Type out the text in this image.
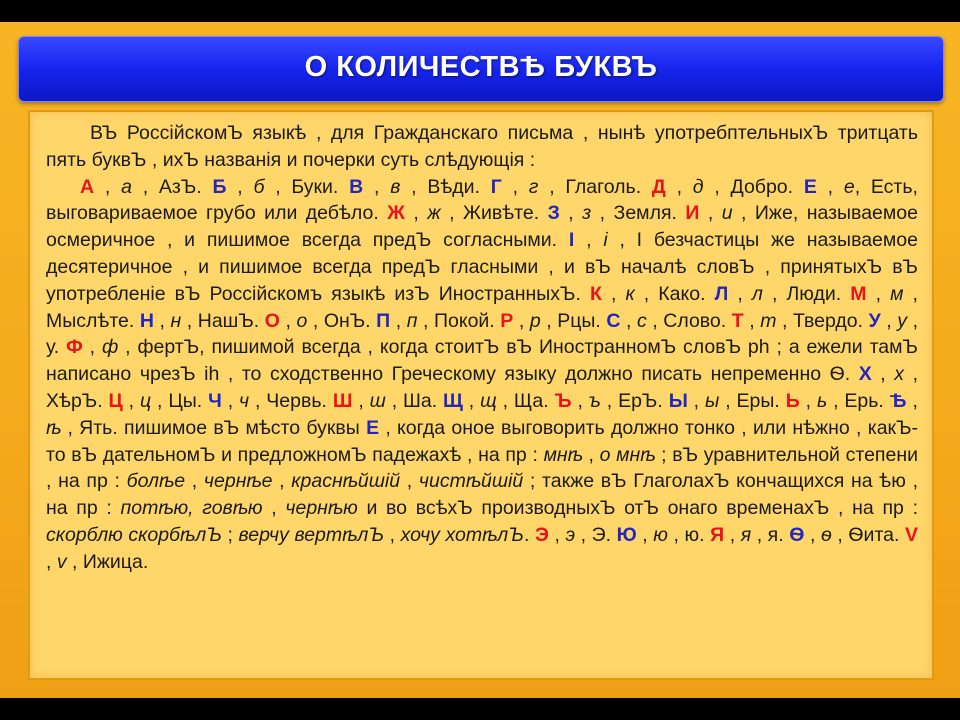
О КОЛИЧЕСТВѢ БУКВЪ

ВЪ РоссійскомЪ языкѣ , для Гражданскаго письма , нынѣ употребптельныхЪ тритцать пять буквЪ , ихЪ названія и почерки суть слѣдующія :

А , а , АзЪ. Б , б , Буки. В , в , Вѣди. Г , г , Глаголь. Д , д , Добро. Е , е, Есть, выговариваемое грубо или дебѣло. Ж , ж , Живѣте. З , з , Земля. И , и , Иже, называемое осмеричное , и пишимое всегда предЪ согласными. І , і , І безчастицы же называемое десятеричное , и пишимое всегда предЪ гласными , и вЪ началѣ словЪ , принятыхЪ вЪ употребленіе вЪ Россійскомъ языкѣ изЪ ИностранныхЪ. К , к , Како. Л , л , Люди. М , м , Мыслѣте. Н , н , НашЪ. О , о , ОнЪ. П , п , Покой. Р , р , Рцы. С , с , Слово. Т , т , Твердо. У , у , у. Ф , ф , фертЪ, пишимой всегда , когда стоитЪ вЪ ИностранномЪ словЪ ph ; а ежели тамЪ написано чрезЪ ih , то сходственно Греческому языку должно писать непременно Ѳ. Х , х , ХѣрЪ. Ц , ц , Цы. Ч , ч , Червь. Ш , ш , Ша. Щ , щ , Ща. Ъ , ъ , ЕрЪ. Ы , ы , Еры. Ь , ь , Ерь. Ѣ , ѣ , Ять. пишимое вЪ мѣсто буквы Е , когда оное выговорить должно тонко , или нѣжно , какЪ-то вЪ дательномЪ и предложномЪ падежахѣ , на пр : мнѣ , о мнѣ ; вЪ уравнительной степени , на пр : болѣе , чернѣе , краснѣйшій , чистѣйшій ; также вЪ ГлаголахЪ кончащихся на ѣю , на пр : потѣю, говѣю , чернѣю и во всѣхЪ производныхЪ отЪ онаго временахЪ , на пр : скорблю скорбѣлЪ ; верчу вертѣлЪ , хочу хотѣлЪ. Э , э , Э. Ю , ю , ю. Я , я , я. Ѳ , ѳ , Ѳита. V , v , Ижица.
